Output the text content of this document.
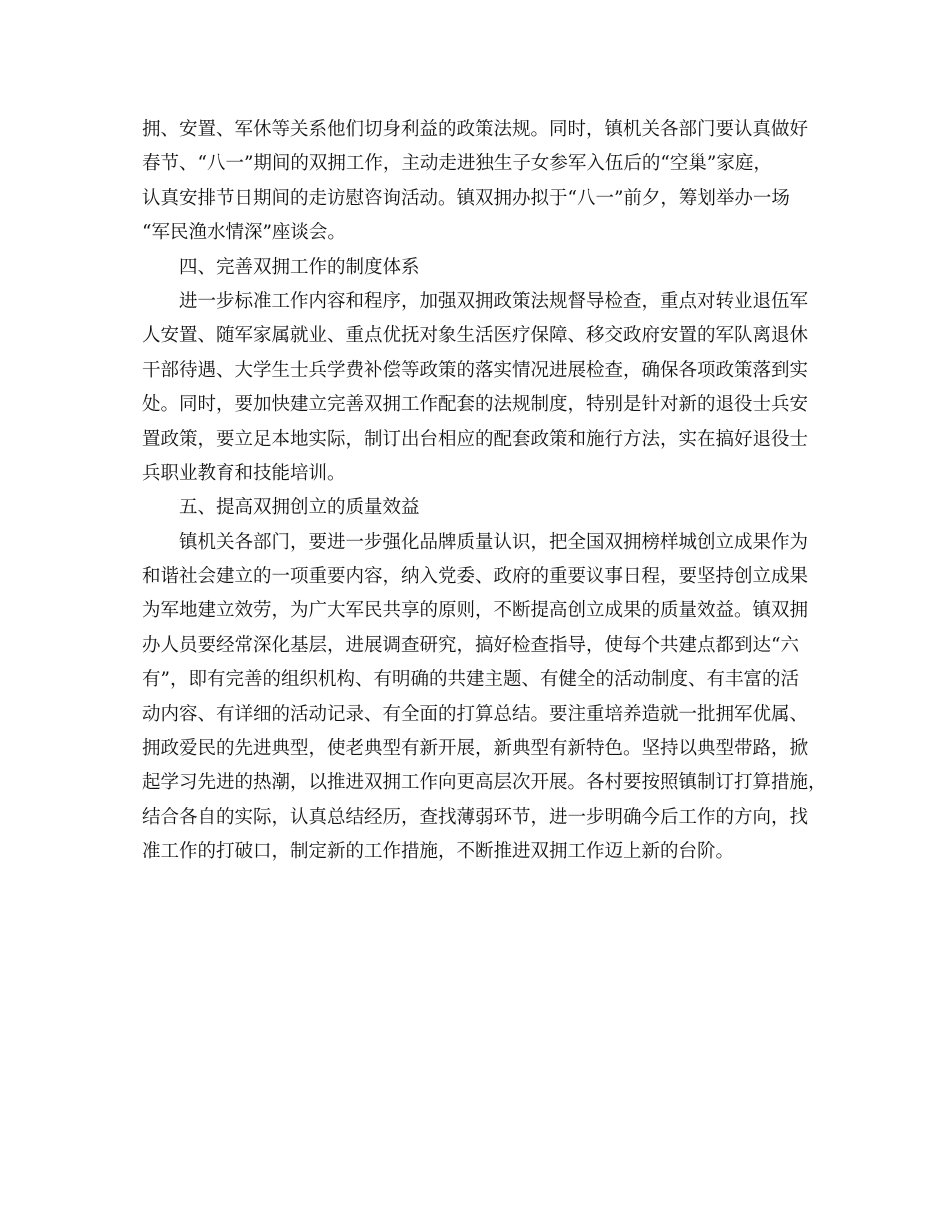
拥、安置、军休等关系他们切身利益的政策法规。同时，镇机关各部门要认真做好
春节、“八一”期间的双拥工作，主动走进独生子女参军入伍后的“空巢”家庭，
认真安排节日期间的走访慰咨询活动。镇双拥办拟于“八一”前夕，筹划举办一场
“军民渔水情深”座谈会。
四、完善双拥工作的制度体系
进一步标准工作内容和程序，加强双拥政策法规督导检查，重点对转业退伍军
人安置、随军家属就业、重点优抚对象生活医疗保障、移交政府安置的军队离退休
干部待遇、大学生士兵学费补偿等政策的落实情况进展检查，确保各项政策落到实
处。同时，要加快建立完善双拥工作配套的法规制度，特别是针对新的退役士兵安
置政策，要立足本地实际，制订出台相应的配套政策和施行方法，实在搞好退役士
兵职业教育和技能培训。
五、提高双拥创立的质量效益
镇机关各部门，要进一步强化品牌质量认识，把全国双拥榜样城创立成果作为
和谐社会建立的一项重要内容，纳入党委、政府的重要议事日程，要坚持创立成果
为军地建立效劳，为广大军民共享的原则，不断提高创立成果的质量效益。镇双拥
办人员要经常深化基层，进展调查研究，搞好检查指导，使每个共建点都到达“六
有”，即有完善的组织机构、有明确的共建主题、有健全的活动制度、有丰富的活
动内容、有详细的活动记录、有全面的打算总结。要注重培养造就一批拥军优属、
拥政爱民的先进典型，使老典型有新开展，新典型有新特色。坚持以典型带路，掀
起学习先进的热潮，以推进双拥工作向更高层次开展。各村要按照镇制订打算措施，
结合各自的实际，认真总结经历，查找薄弱环节，进一步明确今后工作的方向，找
准工作的打破口，制定新的工作措施，不断推进双拥工作迈上新的台阶。
